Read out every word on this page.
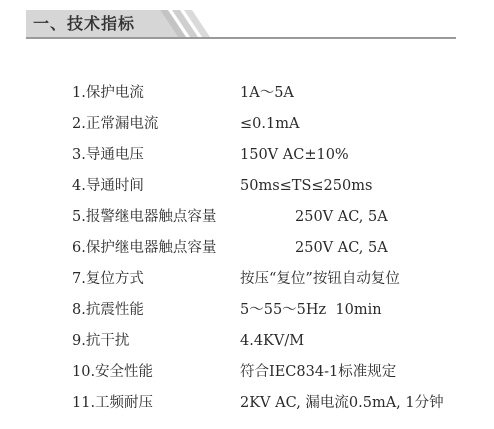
一、技术指标
1.保护电流	1A～5A
2.正常漏电流	≤0.1mA
3.导通电压	150V AC±10%
4.导通时间	50ms≤TS≤250ms
5.报警继电器触点容量	250V AC, 5A
6.保护继电器触点容量	250V AC, 5A
7.复位方式	按压“复位”按钮自动复位
8.抗震性能	5～55～5Hz  10min
9.抗干扰	4.4KV/M
10.安全性能	符合IEC834-1标准规定
11.工频耐压	2KV AC, 漏电流0.5mA, 1分钟
